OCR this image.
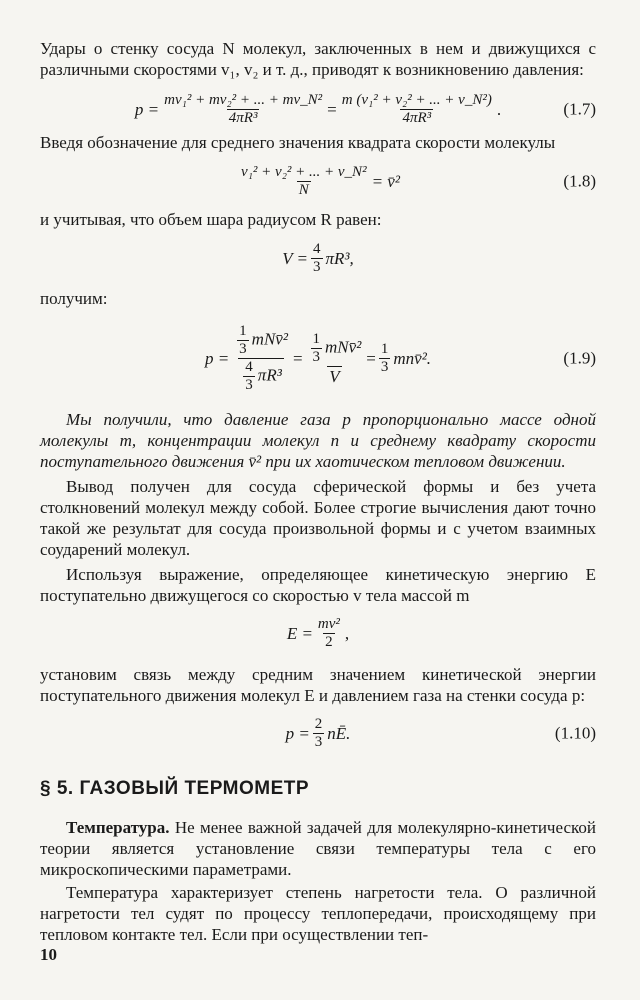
Удары о стенку сосуда N молекул, заключенных в нем и движущихся с различными скоростями v₁, v₂ и т. д., приводят к возникновению давления:

$p = \frac{\text{mv₁² + mv₂² + ... + mv\_N²}}{\text{4πR³}} = \frac{\text{m (v₁² + v₂² + ... + v\_N²)}}{\text{4πR³}}$ .	(1.7)

Введя обозначение для среднего значения квадрата скорости молекулы

$\frac{\text{v₁² + v₂² + ... + v\_N²}}{N}$ = v̄²	(1.8)

и учитывая, что объем шара радиусом R равен:

$V = \frac{4}{3} \pi R^3$,

получим:

$p = \frac{\frac{1}{3} mNv̄^2}{\frac{4}{3} \pi R^3} = \frac{\frac{1}{3} mNv̄^2}{V} = \frac{1}{3}$ mnv̄².	(1.9)

Мы получили, что давление газа p пропорционально массе одной молекулы m, концентрации молекул n и среднему квадрату скорости поступательного движения v̄² при их хаотическом тепловом движении.

Вывод получен для сосуда сферической формы и без учета столкновений молекул между собой. Более строгие вычисления дают точно такой же результат для сосуда произвольной формы и с учетом взаимных соударений молекул.

Используя выражение, определяющее кинетическую энергию E поступательно движущегося со скоростью v тела массой m

$E = \frac{\text{mv²}}{2}$ ,

установим связь между средним значением кинетической энергии поступательного движения молекул E и давлением газа на стенки сосуда p:

$p = \frac{2}{3}$ nĒ.	(1.10)
§ 5. ГАЗОВЫЙ ТЕРМОМЕТР

Температура. Не менее важной задачей для молекулярно-кинетической теории является установление связи температуры тела с его микроскопическими параметрами.

Температура характеризует степень нагретости тела. О различной нагретости тел судят по процессу теплопередачи, происходящему при тепловом контакте тел. Если при осуществлении теп-

10
